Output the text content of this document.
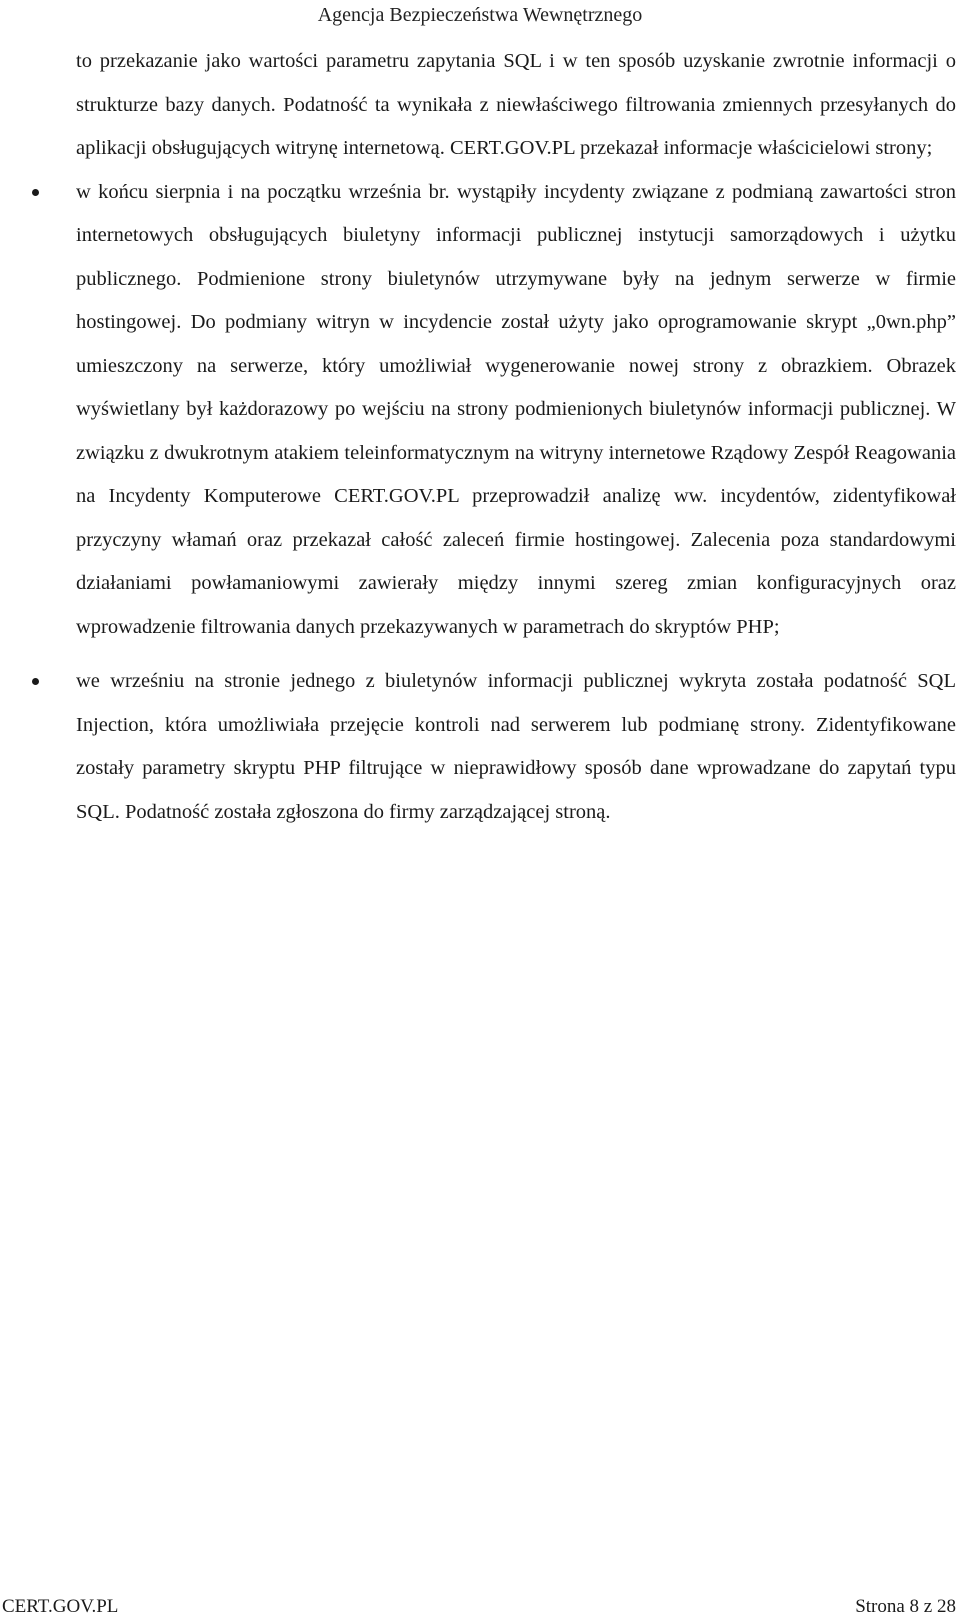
Agencja Bezpieczeństwa Wewnętrznego

to przekazanie jako wartości parametru zapytania SQL i w ten sposób uzyskanie zwrotnie informacji o strukturze bazy danych. Podatność ta wynikała z niewłaściwego filtrowania zmiennych przesyłanych do aplikacji obsługujących witrynę internetową. CERT.GOV.PL przekazał informacje właścicielowi strony;

w końcu sierpnia i na początku września br. wystąpiły incydenty związane z podmianą zawartości stron internetowych obsługujących biuletyny informacji publicznej instytucji samorządowych i użytku publicznego. Podmienione strony biuletynów utrzymywane były na jednym serwerze w firmie hostingowej. Do podmiany witryn w incydencie został użyty jako oprogramowanie skrypt „0wn.php” umieszczony na serwerze, który umożliwiał wygenerowanie nowej strony z obrazkiem. Obrazek wyświetlany był każdorazowy po wejściu na strony podmienionych biuletynów informacji publicznej. W związku z dwukrotnym atakiem teleinformatycznym na witryny internetowe Rządowy Zespół Reagowania na Incydenty Komputerowe CERT.GOV.PL przeprowadził analizę ww. incydentów, zidentyfikował przyczyny włamań oraz przekazał całość zaleceń firmie hostingowej. Zalecenia poza standardowymi działaniami powłamaniowymi zawierały między innymi szereg zmian konfiguracyjnych oraz wprowadzenie filtrowania danych przekazywanych w parametrach do skryptów PHP;
we wrześniu na stronie jednego z biuletynów informacji publicznej wykryta została podatność SQL Injection, która umożliwiała przejęcie kontroli nad serwerem lub podmianę strony. Zidentyfikowane zostały parametry skryptu PHP filtrujące w nieprawidłowy sposób dane wprowadzane do zapytań typu SQL. Podatność została zgłoszona do firmy zarządzającej stroną.
CERT.GOV.PL	Strona 8 z 28
